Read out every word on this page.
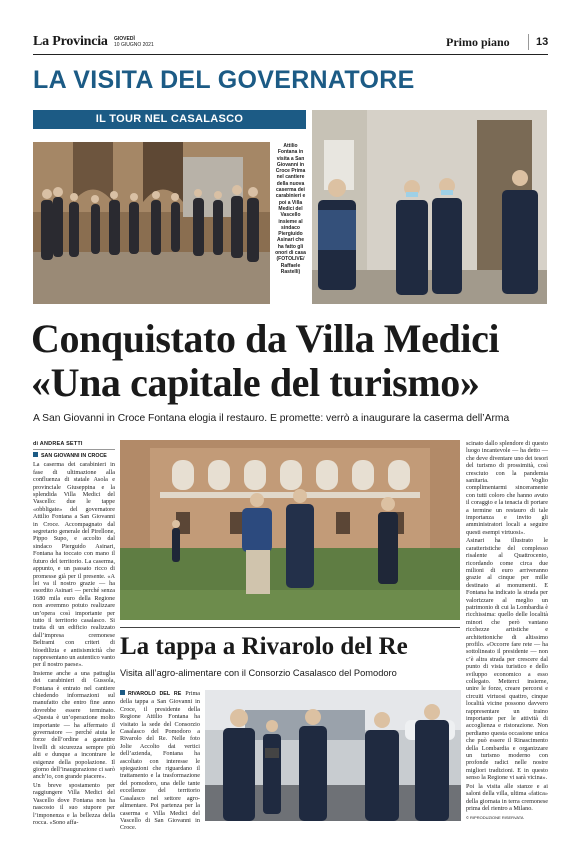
La Provincia GIOVEDÌ
10 GIUGNO 2021	Primo piano 13
LA VISITA DEL GOVERNATORE
IL TOUR NEL CASALASCO
Attilio Fontana in visita a San Giovanni in Croce Prima nel cantiere della nuova caserma dei carabinieri e poi a Villa Medici del Vascello insieme al sindaco Piergiuido Asinari che ha fatto gli onori di casa (FOTOLIVE/ Raffaele Rastelli)
Conquistato da Villa Medici
«Una capitale del turismo»
A San Giovanni in Croce Fontana elogia il restauro. E promette: verrò a inaugurare la caserma dell’Arma
di ANDREA SETTI

SAN GIOVANNI IN CROCE

La caserma dei carabinieri in fase di ultimazione alla confluenza di statale Asola e provinciale Giuseppina e la splendida Villa Medici del Vascello: due le tappe «obbligate» del governatore Attilio Fontana a San Giovanni in Croce. Accompagnato dal segretario generale del Pirellone, Pippo Supo, e accolto dal sindaco Pierguido Asinari, Fontana ha toccato con mano il futuro del territorio. La caserma, appunto, e un passato ricco di promesse già per il presente. «A lei va il nostro grazie — ha esordito Asinari — perché senza 1680 mila euro della Regione non avremmo potuto realizzare un’opera così importante per tutto il territorio casalasco. Si tratta di un edificio realizzato dall’impresa cremonese Beltrami con criteri di bioedilizia e antisismicità che rappresentano un autentico vanto per il nostro paese».

Insieme anche a una pattuglia dei carabinieri di Gussola, Fontana è entrato nel cantiere chiedendo informazioni sul manufatto che entro fine anno dovrebbe essere terminato. «Questa è un’operazione molto importante — ha affermato il governatore — perché aiuta le forze dell’ordine a garantire livelli di sicurezza sempre più alti e dunque a incontrare le esigenze della popolazione. Il giorno dell’inaugurazione ci sarò anch’io, con grande piacere».

Un breve spostamento per raggiungere Villa Medici del Vascello dove Fontana non ha nascosto il suo stupore per l’imponenza e la bellezza della rocca. «Sono affa-

scinato dallo splendore di questo luogo incantevole — ha detto — che deve diventare uno dei tesori del turismo di prossimità, così cresciuto con la pandemia sanitaria. Voglio complimentarmi sinceramente con tutti coloro che hanno avuto il coraggio e la tenacia di portare a termine un restauro di tale importanza e invito gli amministratori locali a seguire questi esempi virtuosi».

Asinari ha illustrato le caratteristiche del complesso risalente al Quattrocento, ricordando come circa due milioni di euro arriveranno grazie al cinque per mille destinato ai monumenti. E Fontana ha indicato la strada per valorizzare al meglio un patrimonio di cui la Lombardia è ricchissima: quello delle località minori che però vantano ricchezze artistiche e architettoniche di altissimo profilo. «Occorre fare rete — ha sottolineato il presidente — non c’è altra strada per crescere dal punto di vista turistico e dello sviluppo economico a esso collegato. Metterci insieme, unire le forze, creare percorsi e circuiti virtuosi quattro, cinque località vicine possono davvero rappresentare un traino importante per le attività di accoglienza e ristorazione. Non perdiamo questa occasione unica che può essere il Rinascimento della Lombardia e organizzare un turismo moderno con profonde radici nelle nostre migliori tradizioni. E in questo senso la Regione vi sarà vicina».

Poi la visita alle stanze e ai saloni della villa, ultima «fatica» della giornata in terra cremonese prima del rientro a Milano.

© RIPRODUZIONE RISERVATA

La tappa a Rivarolo del Re
Visita all’agro-alimentare con il Consorzio Casalasco del Pomodoro

RIVAROLO DEL RE Prima della tappa a San Giovanni in Croce, il presidente della Regione Attilio Fontana ha visitato la sede del Consorzio Casalasco del Pomodoro a Rivarolo del Re. Nelle foto Jolie Accolto dai vertici dell’azienda, Fontana ha ascoltato con interesse le spiegazioni che riguardano il trattamento e la trasformazione del pomodoro, una delle tante eccellenze del territorio Casalasco nel settore agro-alimentare. Poi partenza per la caserma e Villa Medici del Vascello di San Giovanni in Croce.
